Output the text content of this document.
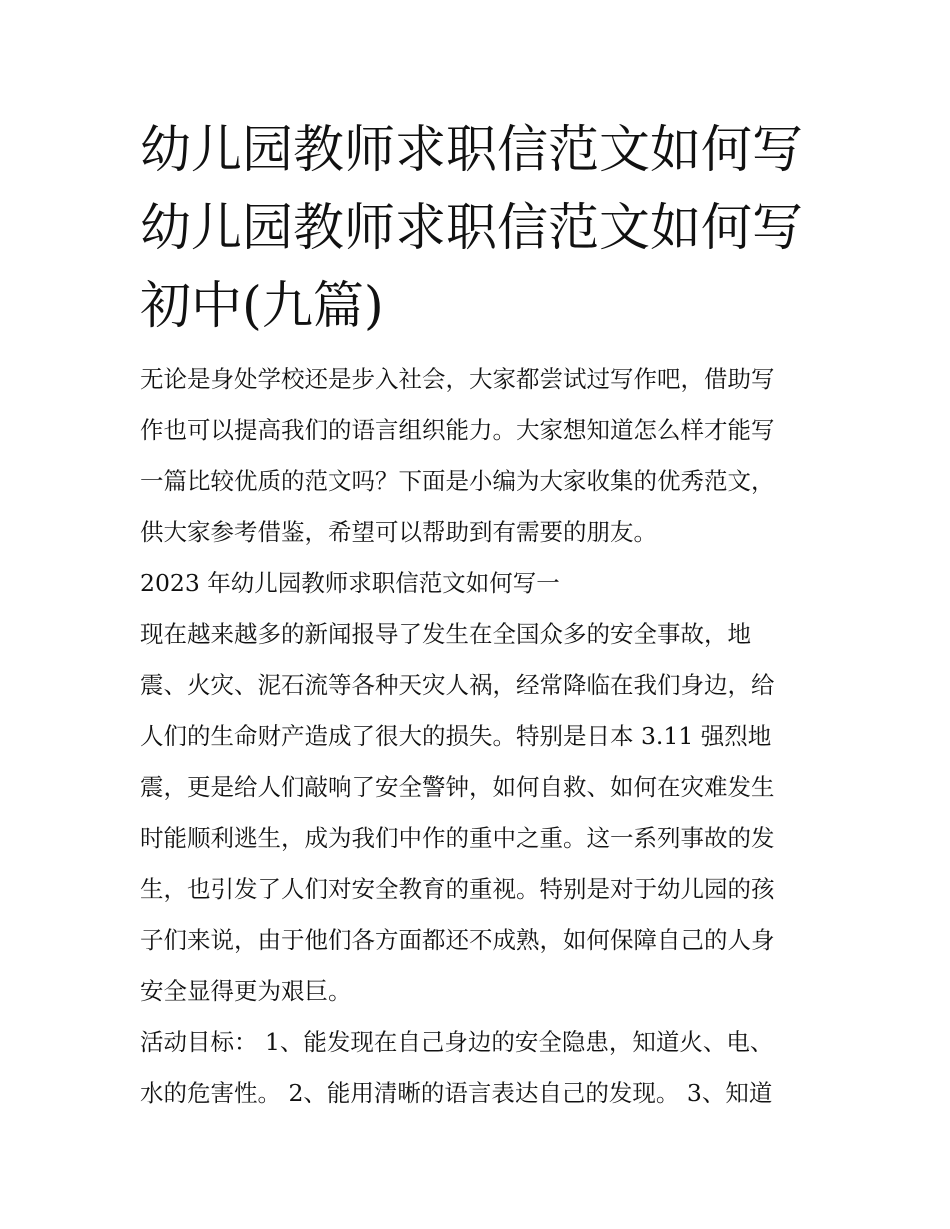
幼儿园教师求职信范文如何写
幼儿园教师求职信范文如何写
初中(九篇)
无论是身处学校还是步入社会，大家都尝试过写作吧，借助写
作也可以提高我们的语言组织能力。大家想知道怎么样才能写
一篇比较优质的范文吗？下面是小编为大家收集的优秀范文，
供大家参考借鉴，希望可以帮助到有需要的朋友。
2023 年幼儿园教师求职信范文如何写一
现在越来越多的新闻报导了发生在全国众多的安全事故，地
震、火灾、泥石流等各种天灾人祸，经常降临在我们身边，给
人们的生命财产造成了很大的损失。特别是日本 3.11 强烈地
震，更是给人们敲响了安全警钟，如何自救、如何在灾难发生
时能顺利逃生，成为我们中作的重中之重。这一系列事故的发
生，也引发了人们对安全教育的重视。特别是对于幼儿园的孩
子们来说，由于他们各方面都还不成熟，如何保障自己的人身
安全显得更为艰巨。
活动目标： 1、能发现在自己身边的安全隐患，知道火、电、
水的危害性。 2、能用清晰的语言表达自己的发现。 3、知道
